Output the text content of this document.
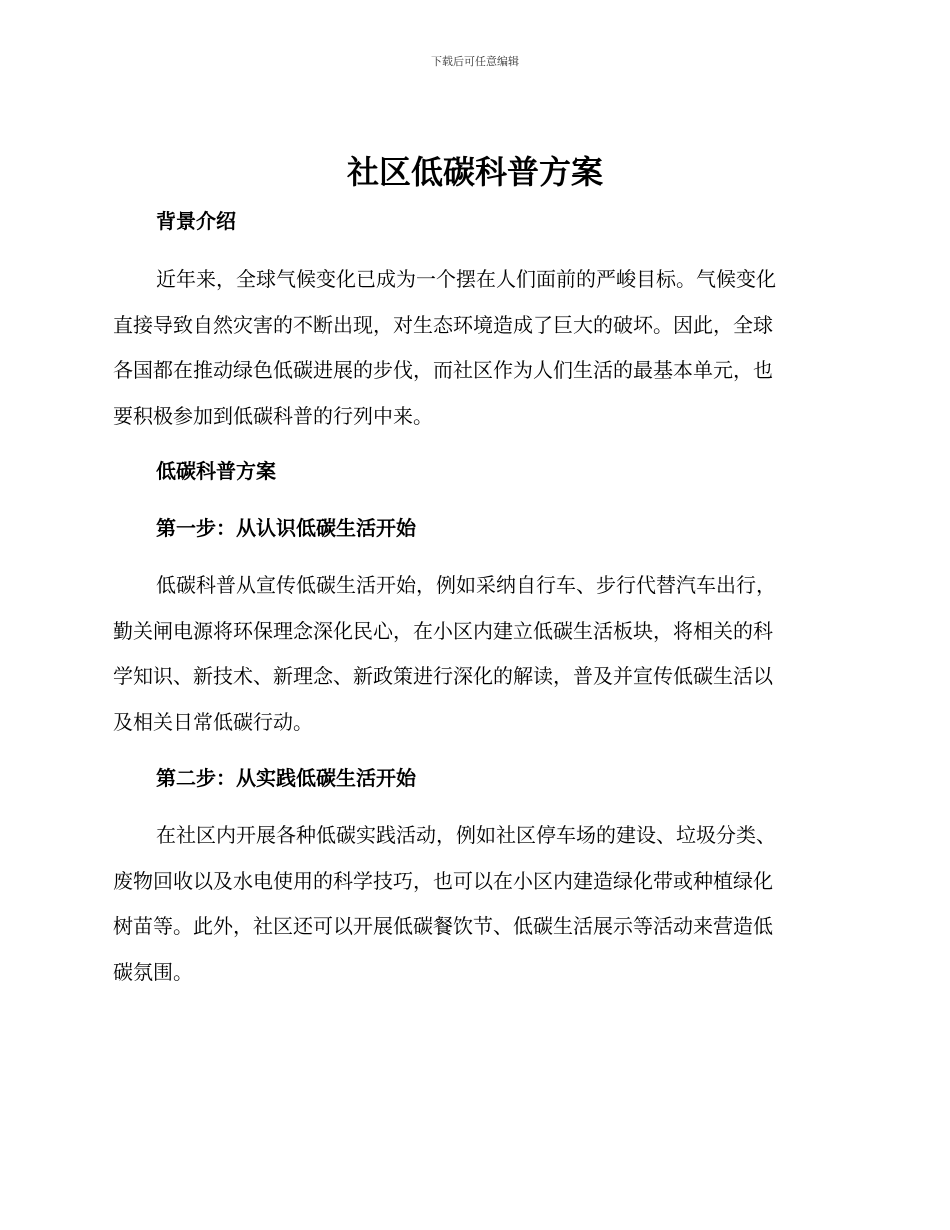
下载后可任意编辑
社区低碳科普方案
背景介绍
近年来，全球气候变化已成为一个摆在人们面前的严峻目标。气候变化
直接导致自然灾害的不断出现，对生态环境造成了巨大的破坏。因此，全球
各国都在推动绿色低碳进展的步伐，而社区作为人们生活的最基本单元，也
要积极参加到低碳科普的行列中来。
低碳科普方案
第一步：从认识低碳生活开始
低碳科普从宣传低碳生活开始，例如采纳自行车、步行代替汽车出行，
勤关闸电源将环保理念深化民心，在小区内建立低碳生活板块，将相关的科
学知识、新技术、新理念、新政策进行深化的解读，普及并宣传低碳生活以
及相关日常低碳行动。
第二步：从实践低碳生活开始
在社区内开展各种低碳实践活动，例如社区停车场的建设、垃圾分类、
废物回收以及水电使用的科学技巧，也可以在小区内建造绿化带或种植绿化
树苗等。此外，社区还可以开展低碳餐饮节、低碳生活展示等活动来营造低
碳氛围。
